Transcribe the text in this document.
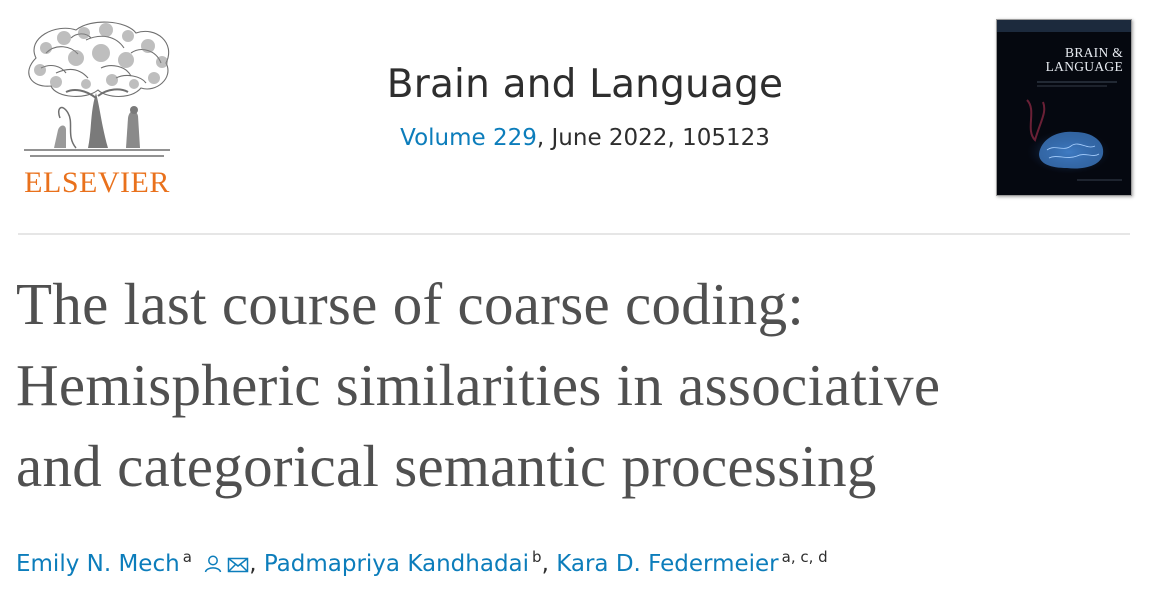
ELSEVIER
Brain and Language
Volume 229, June 2022, 105123
BRAIN &
LANGUAGE
The last course of coarse coding:
Hemispheric similarities in associative
and categorical semantic processing
Emily N. Mech $^a$ , Padmapriya Kandhadai $^b$, Kara D. Federmeier $^{a, c, d}$
